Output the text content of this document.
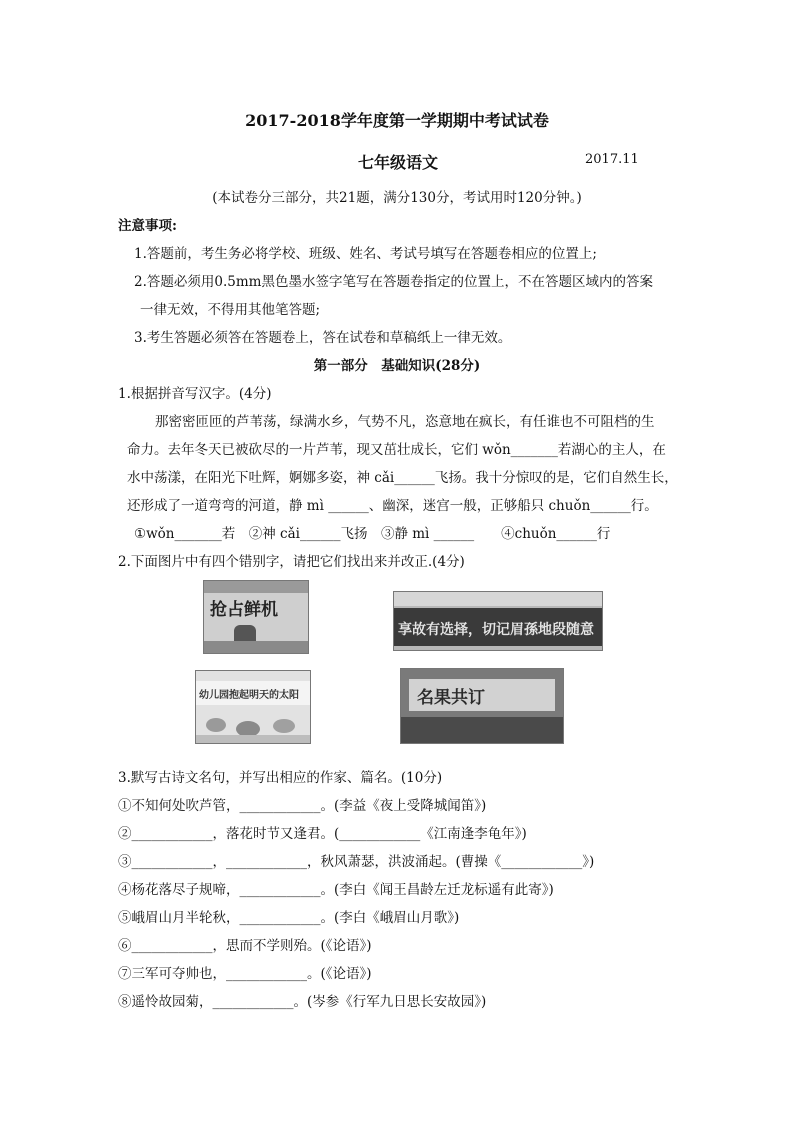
2017-2018学年度第一学期期中考试试卷
七年级语文	2017.11
(本试卷分三部分，共21题，满分130分，考试用时120分钟。)
注意事项:
1.答题前，考生务必将学校、班级、姓名、考试号填写在答题卷相应的位置上;
2.答题必须用0.5mm黑色墨水签字笔写在答题卷指定的位置上，不在答题区域内的答案
一律无效，不得用其他笔答题;
3.考生答题必须答在答题卷上，答在试卷和草稿纸上一律无效。
第一部分　基础知识(28分)
1.根据拼音写汉字。(4分)
那密密匝匝的芦苇荡，绿满水乡，气势不凡，恣意地在疯长，有任谁也不可阻档的生
命力。去年冬天已被砍尽的一片芦苇，现又茁壮成长，它们 wǒn_______若湖心的主人，在
水中荡漾，在阳光下吐辉，婀娜多姿，神 cǎi______飞扬。我十分惊叹的是，它们自然生长，
还形成了一道弯弯的河道，静 mì ______、幽深，迷宫一般，正够船只 chuǒn______行。
①wǒn_______若　②神 cǎi______飞扬　③静 mì ______　　④chuǒn______行
2.下面图片中有四个错别字，请把它们找出来并改正.(4分)
抢占鲜机
享故有选择，切记眉孫地段随意
幼儿园抱起明天的太阳	名果共订
3.默写古诗文名句，并写出相应的作家、篇名。(10分)
①不知何处吹芦管，____________。(李益《夜上受降城闻笛》)
②____________，落花时节又逢君。(____________《江南逢李龟年》)
③____________，____________，秋风萧瑟，洪波涌起。(曹操《____________》)
④杨花落尽子规啼，____________。(李白《闻王昌龄左迁龙标遥有此寄》)
⑤峨眉山月半轮秋，____________。(李白《峨眉山月歌》)
⑥____________，思而不学则殆。(《论语》)
⑦三军可夺帅也，____________。(《论语》)
⑧遥怜故园菊，____________。(岑参《行军九日思长安故园》)
